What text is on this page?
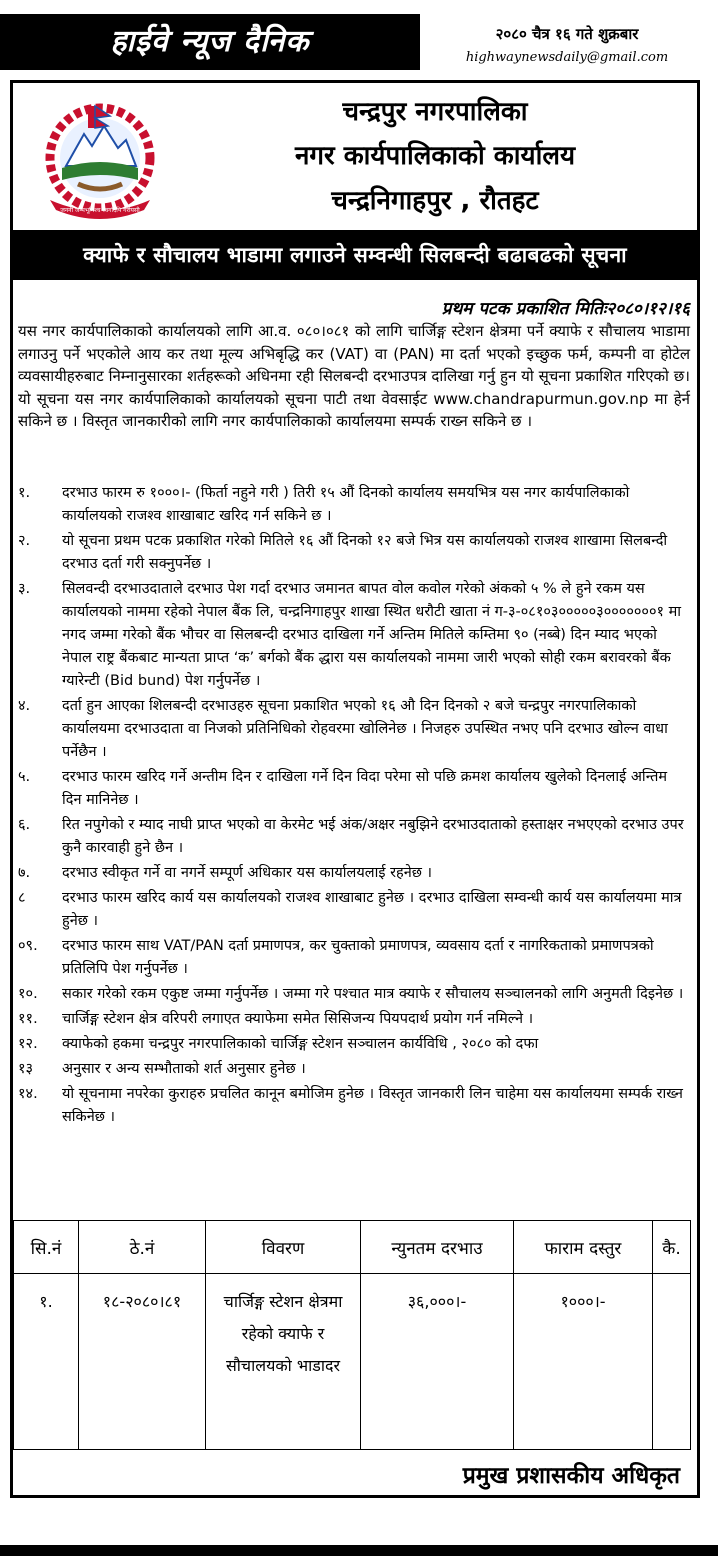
हाईवे न्यूज दैनिक	२०८० चैत्र १६ गते शुक्रबार
highwaynewsdaily@gmail.com
जननी जन्मभूमिश्च स्वर्गादपि गरीयसी
चन्द्रपुर नगरपालिका
नगर कार्यपालिकाको कार्यालय
चन्द्रनिगाहपुर , रौतहट
क्याफे र सौचालय भाडामा लगाउने सम्वन्धी सिलबन्दी बढाबढको सूचना
प्रथम पटक प्रकाशित मितिः२०८०।१२।१६
यस नगर कार्यपालिकाको कार्यालयको लागि आ.व. ०८०।०८१ को लागि चार्जिङ्ग स्टेशन क्षेत्रमा पर्ने क्याफे र सौचालय भाडामा लगाउनु पर्ने भएकोले आय कर तथा मूल्य अभिबृद्धि कर (VAT) वा (PAN) मा दर्ता भएको इच्छुक फर्म, कम्पनी वा होटेल व्यवसायीहरुबाट निम्नानुसारका शर्तहरूको अधिनमा रही सिलबन्दी दरभाउपत्र दालिखा गर्नु हुन यो सूचना प्रकाशित गरिएको छ। यो सूचना यस नगर कार्यपालिकाको कार्यालयको सूचना पाटी तथा वेवसाईट www.chandrapurmun.gov.np मा हेर्न सकिने छ । विस्तृत जानकारीको लागि नगर कार्यपालिकाको कार्यालयमा सम्पर्क राख्न सकिने छ ।
१.	दरभाउ फारम रु १०००।- (फिर्ता नहुने गरी ) तिरी १५ औं दिनको कार्यालय समयभित्र यस नगर कार्यपालिकाको कार्यालयको राजश्व शाखाबाट खरिद गर्न सकिने छ ।
२.	यो सूचना प्रथम पटक प्रकाशित गरेको मितिले १६ औं दिनको १२ बजे भित्र यस कार्यालयको राजश्व शाखामा सिलबन्दी दरभाउ दर्ता गरी सक्नुपर्नेछ ।
३.	सिलवन्दी दरभाउदाताले दरभाउ पेश गर्दा दरभाउ जमानत बापत वोल कवोल गरेको अंकको ५ % ले हुने रकम यस कार्यालयको नाममा रहेको नेपाल बैंक लि, चन्द्रनिगाहपुर शाखा स्थित धरौटी खाता नं ग-३-०८१०३०००००३०००००००१ मा नगद जम्मा गरेको बैंक भौचर वा सिलबन्दी दरभाउ दाखिला गर्ने अन्तिम मितिले कम्तिमा ९० (नब्बे) दिन म्याद भएको नेपाल राष्ट्र बैंकबाट मान्यता प्राप्त ‘क’ बर्गको बैंक द्धारा यस कार्यालयको नाममा जारी भएको सोही रकम बरावरको बैंक ग्यारेन्टी (Bid bund) पेश गर्नुपर्नेछ ।
४.	दर्ता हुन आएका शिलबन्दी दरभाउहरु सूचना प्रकाशित भएको १६ औ दिन दिनको २ बजे चन्द्रपुर नगरपालिकाको कार्यालयमा दरभाउदाता वा निजको प्रतिनिधिको रोहवरमा खोलिनेछ । निजहरु उपस्थित नभए पनि दरभाउ खोल्न वाधा पर्नेछैन ।
५.	दरभाउ फारम खरिद गर्ने अन्तीम दिन र दाखिला गर्ने दिन विदा परेमा सो पछि क्रमश कार्यालय खुलेको दिनलाई अन्तिम दिन मानिनेछ ।
६.	रित नपुगेको र म्याद नाघी प्राप्त भएको वा केरमेट भई अंक/अक्षर नबुझिने दरभाउदाताको हस्ताक्षर नभएएको दरभाउ उपर कुनै कारवाही हुने छैन ।
७.	दरभाउ स्वीकृत गर्ने वा नगर्ने सम्पूर्ण अधिकार यस कार्यालयलाई रहनेछ ।
८	दरभाउ फारम खरिद कार्य यस कार्यालयको राजश्व शाखाबाट हुनेछ । दरभाउ दाखिला सम्वन्धी कार्य यस कार्यालयमा मात्र हुनेछ ।
०९.	दरभाउ फारम साथ VAT/PAN दर्ता प्रमाणपत्र, कर चुक्ताको प्रमाणपत्र, व्यवसाय दर्ता र नागरिकताको प्रमाणपत्रको प्रतिलिपि पेश गर्नुपर्नेछ ।
१०.	सकार गरेको रकम एकुष्ट जम्मा गर्नुपर्नेछ । जम्मा गरे पश्चात मात्र क्याफे र सौचालय सञ्चालनको लागि अनुमती दिइनेछ ।
११.	चार्जिङ्ग स्टेशन क्षेत्र वरिपरी लगाएत क्याफेमा समेत सिसिजन्य पियपदार्थ प्रयोग गर्न नमिल्ने ।
१२.	क्याफेको हकमा चन्द्रपुर नगरपालिकाको चार्जिङ्ग स्टेशन सञ्चालन कार्यविधि , २०८० को दफा
१३	अनुसार र अन्य सम्भौताको शर्त अनुसार हुनेछ ।
१४.	यो सूचनामा नपरेका कुराहरु प्रचलित कानून बमोजिम हुनेछ । विस्तृत जानकारी लिन चाहेमा यस कार्यालयमा सम्पर्क राख्न सकिनेछ ।
सि.नं	ठे.नं	विवरण	न्युनतम दरभाउ	फाराम दस्तुर	कै.
१.	१८-२०८०।८१	चार्जिङ्ग स्टेशन क्षेत्रमा रहेको क्याफे र सौचालयको भाडादर	३६,०००।-	१०००।-	
प्रमुख प्रशासकीय अधिकृत
